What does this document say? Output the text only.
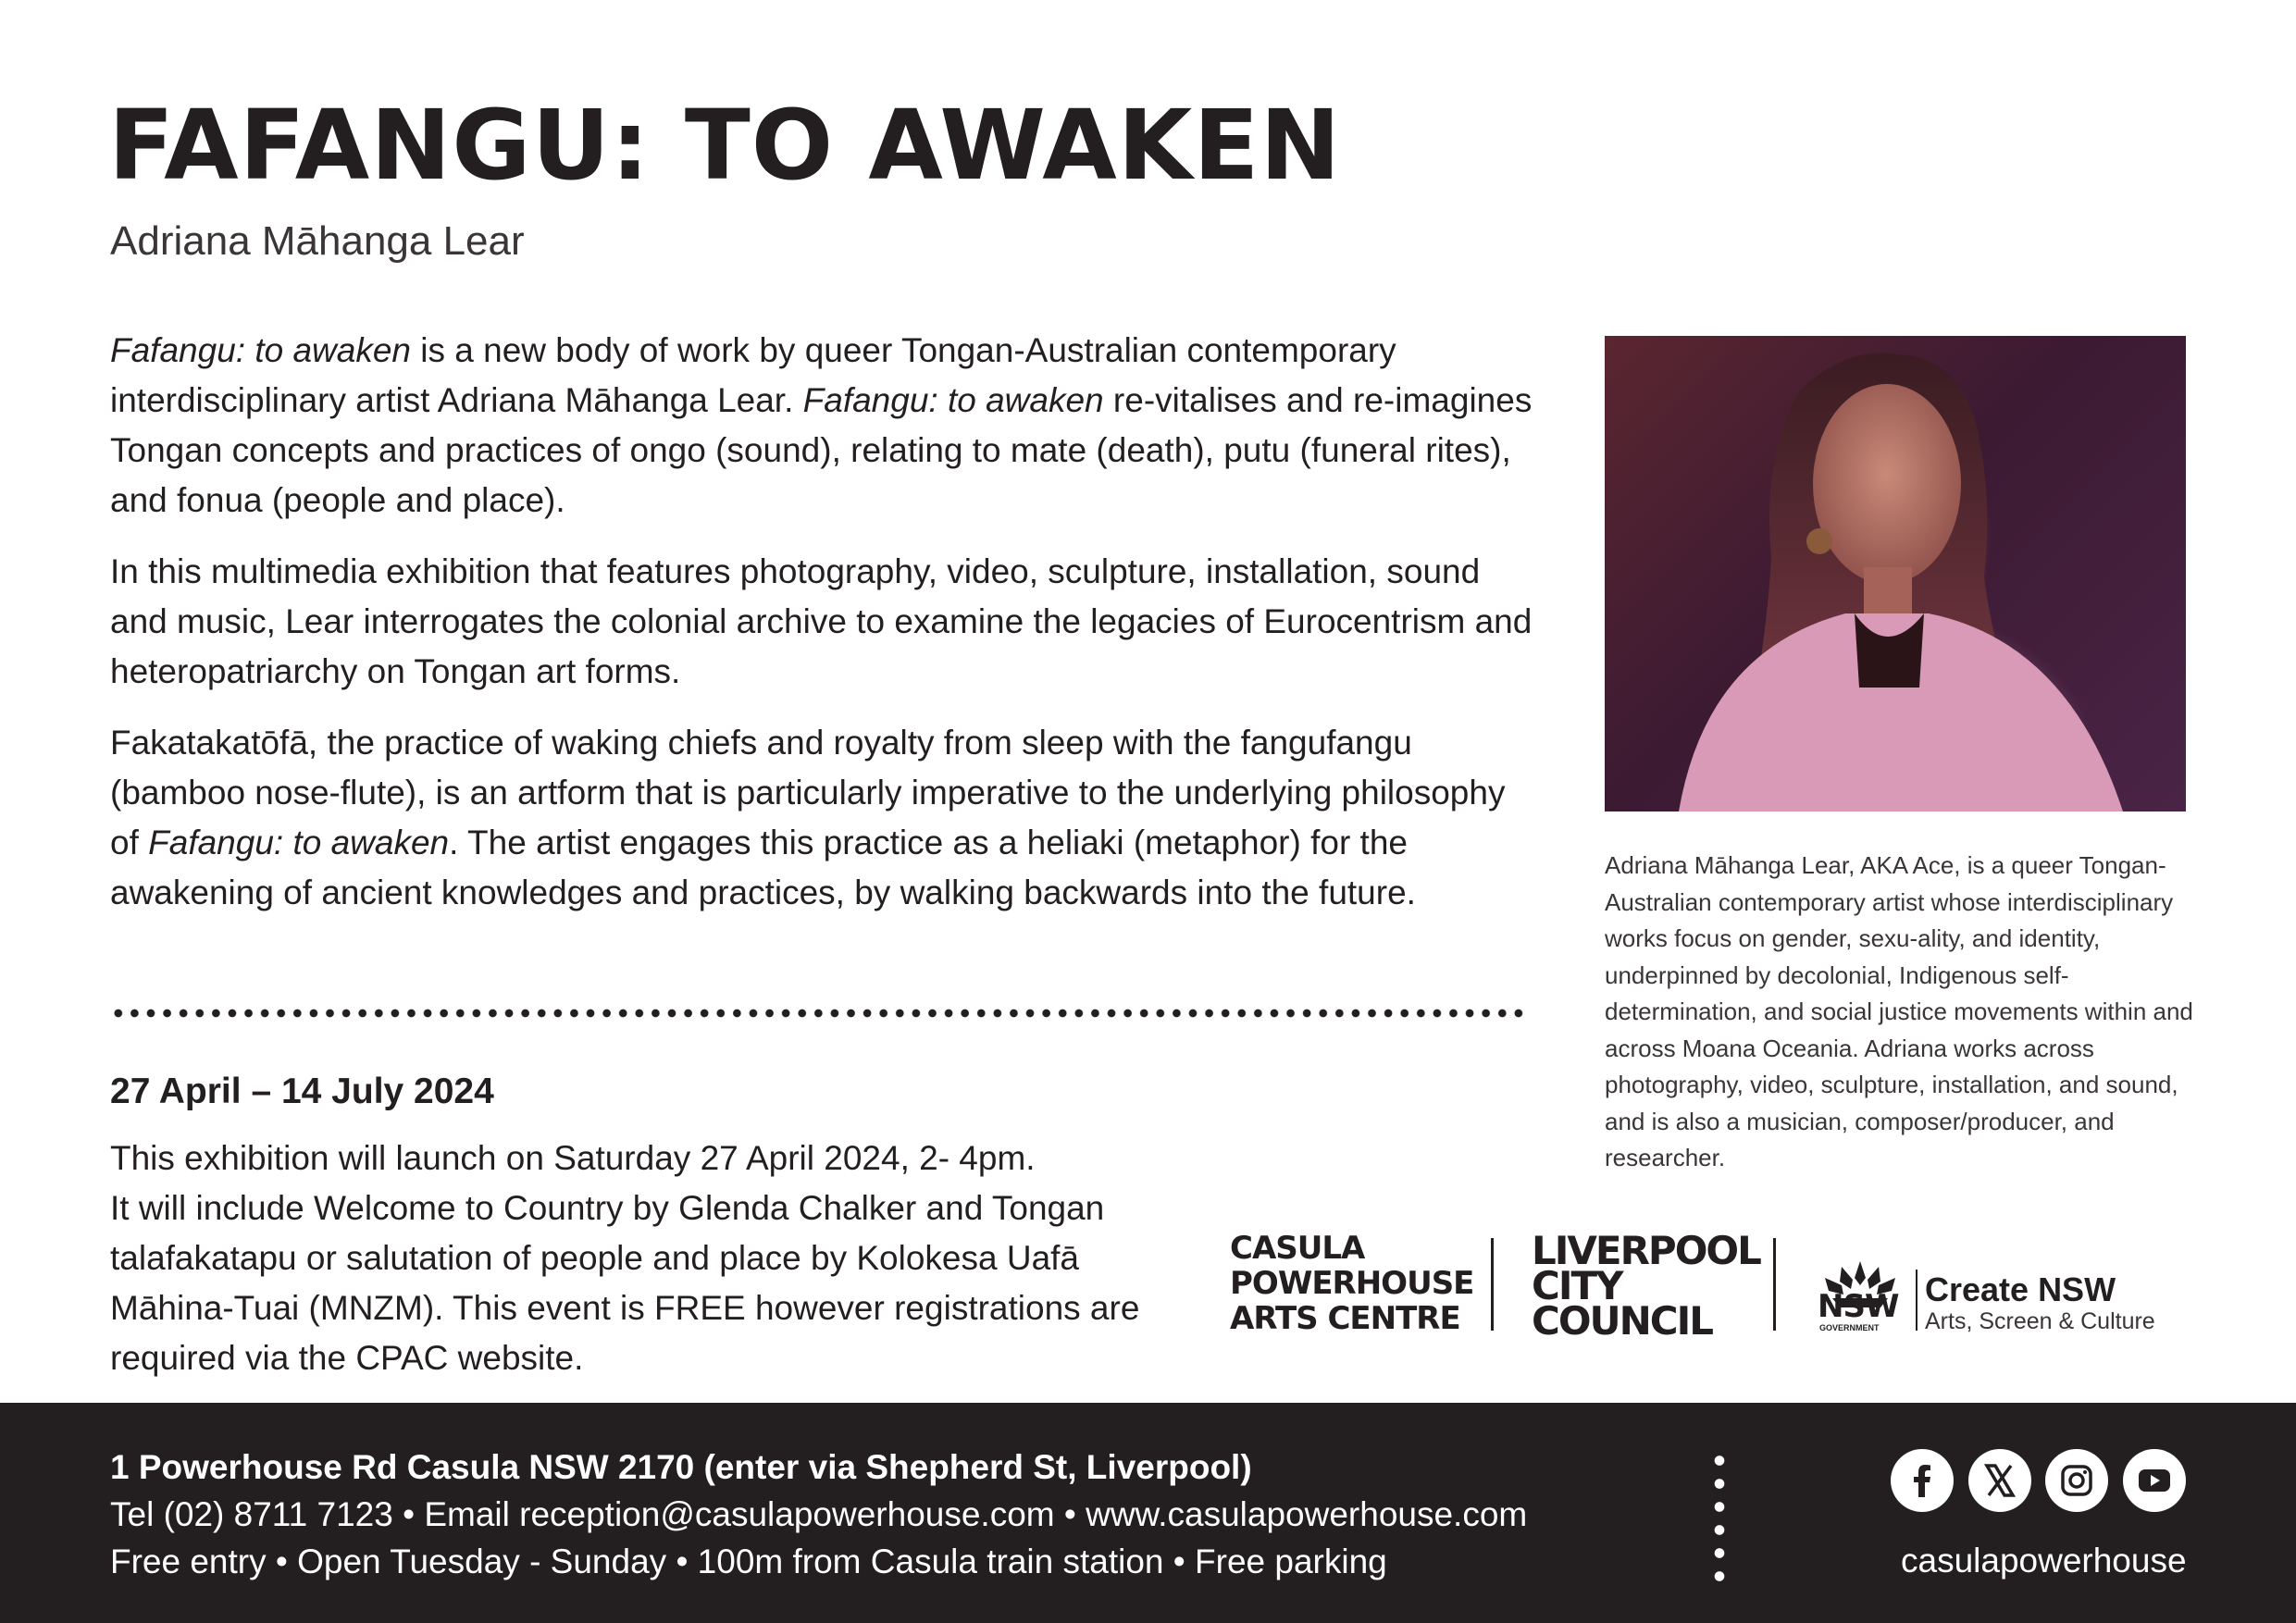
FAFANGU: TO AWAKEN
Adriana Māhanga Lear

Fafangu: to awaken is a new body of work by queer Tongan-Australian contemporary interdisciplinary artist Adriana Māhanga Lear. Fafangu: to awaken re-vitalises and re-imagines Tongan concepts and practices of ongo (sound), relating to mate (death), putu (funeral rites), and fonua (people and place).

In this multimedia exhibition that features photography, video, sculpture, installation, sound and music, Lear interrogates the colonial archive to examine the legacies of Eurocentrism and heteropatriarchy on Tongan art forms.

Fakatakatōfā, the practice of waking chiefs and royalty from sleep with the fangufangu (bamboo nose-flute), is an artform that is particularly imperative to the underlying philosophy of Fafangu: to awaken. The artist engages this practice as a heliaki (metaphor) for the awakening of ancient knowledges and practices, by walking backwards into the future.

27 April – 14 July 2024

This exhibition will launch on Saturday 27 April 2024, 2- 4pm.

It will include Welcome to Country by Glenda Chalker and Tongan talafakatapu or salutation of people and place by Kolokesa Uafā Māhina-Tuai (MNZM). This event is FREE however registrations are required via the CPAC website.

Adriana Māhanga Lear, AKA Ace, is a queer Tongan-Australian contemporary artist whose interdisciplinary works focus on gender, sexu-ality, and identity, underpinned by decolonial, Indigenous self-determination, and social justice movements within and across Moana Oceania. Adriana works across photography, video, sculpture, installation, and sound, and is also a musician, composer/producer, and researcher.
CASULA
POWERHOUSE
ARTS CENTRE
LIVERPOOL
CITY
COUNCIL	NSW
GOVERNMENT
Create NSW
Arts, Screen & Culture
1 Powerhouse Rd Casula NSW 2170 (enter via Shepherd St, Liverpool)
Tel (02) 8711 7123 • Email reception@casulapowerhouse.com • www.casulapowerhouse.com
Free entry • Open Tuesday - Sunday • 100m from Casula train station • Free parking	casulapowerhouse
